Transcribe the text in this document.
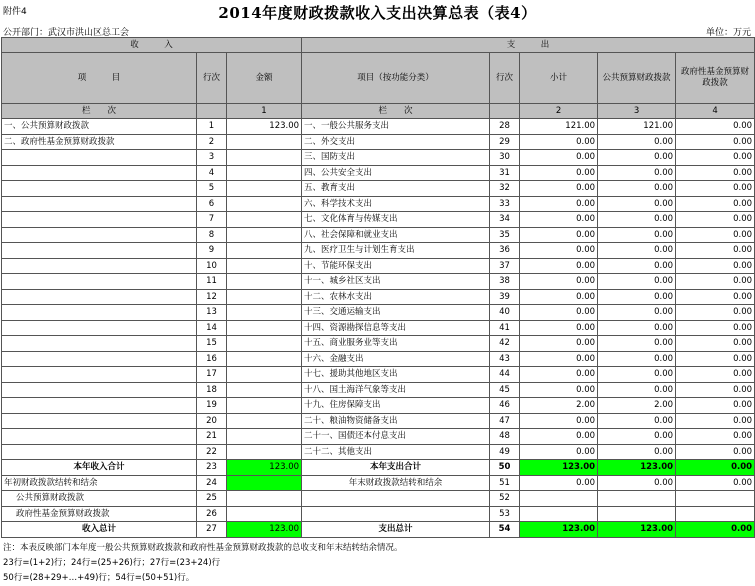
附件4	2014年度财政拨款收入支出决算总表（表4）
公开部门：武汉市洪山区总工会	单位：万元
收　　　入			支　　　出				
项　　　目	行次	金额	项目（按功能分类）	行次	小计	公共预算财政拨款	政府性基金预算财政拨款
栏　　次		1	栏　　次		2	3	4
一、公共预算财政拨款	1	123.00	一、一般公共服务支出	28	121.00	121.00	0.00
二、政府性基金预算财政拨款	2		二、外交支出	29	0.00	0.00	0.00
	3		三、国防支出	30	0.00	0.00	0.00
	4		四、公共安全支出	31	0.00	0.00	0.00
	5		五、教育支出	32	0.00	0.00	0.00
	6		六、科学技术支出	33	0.00	0.00	0.00
	7		七、文化体育与传媒支出	34	0.00	0.00	0.00
	8		八、社会保障和就业支出	35	0.00	0.00	0.00
	9		九、医疗卫生与计划生育支出	36	0.00	0.00	0.00
	10		十、节能环保支出	37	0.00	0.00	0.00
	11		十一、城乡社区支出	38	0.00	0.00	0.00
	12		十二、农林水支出	39	0.00	0.00	0.00
	13		十三、交通运输支出	40	0.00	0.00	0.00
	14		十四、资源勘探信息等支出	41	0.00	0.00	0.00
	15		十五、商业服务业等支出	42	0.00	0.00	0.00
	16		十六、金融支出	43	0.00	0.00	0.00
	17		十七、援助其他地区支出	44	0.00	0.00	0.00
	18		十八、国土海洋气象等支出	45	0.00	0.00	0.00
	19		十九、住房保障支出	46	2.00	2.00	0.00
	20		二十、粮油物资储备支出	47	0.00	0.00	0.00
	21		二十一、国债还本付息支出	48	0.00	0.00	0.00
	22		二十二、其他支出	49	0.00	0.00	0.00
本年收入合计	23	123.00	本年支出合计	50	123.00	123.00	0.00
年初财政拨款结转和结余	24		年末财政拨款结转和结余	51	0.00	0.00	0.00
公共预算财政拨款	25			52			
政府性基金预算财政拨款	26			53			
收入总计	27	123.00	支出总计	54	123.00	123.00	0.00
注：本表反映部门本年度一般公共预算财政拨款和政府性基金预算财政拨款的总收支和年末结转结余情况。
23行=(1+2)行；24行=(25+26)行；27行=(23+24)行
50行=(28+29+…+49)行；54行=(50+51)行。
